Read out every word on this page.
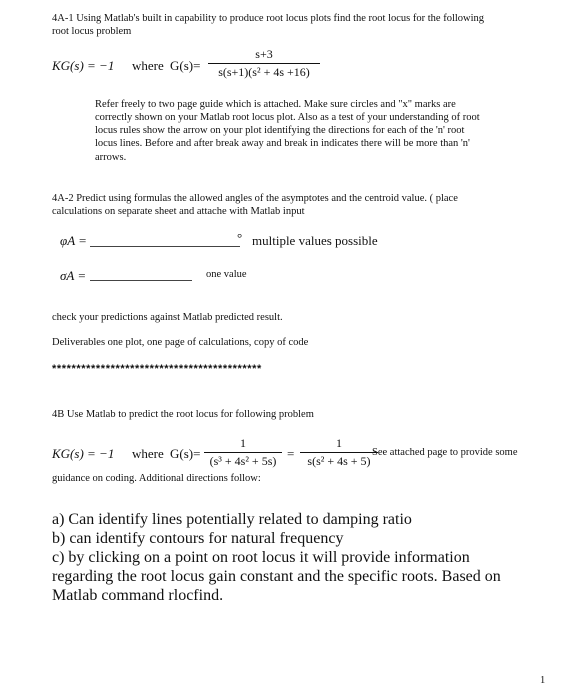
4A-1 Using Matlab's built in capability to produce root locus plots find the root locus for the following
root locus problem
KG(s) = −1 where $G(s)= \frac{s+3}{\text{s(s+1)(s² + 4s +16)}}$
Refer freely to two page guide which is attached. Make sure circles and "x" marks are
correctly shown on your Matlab root locus plot. Also as a test of your understanding of root
locus rules show the arrow on your plot identifying the directions for each of the 'n' root
locus lines. Before and after break away and break in indicates there will be more than 'n'
arrows.
4A-2 Predict using formulas the allowed angles of the asymptotes and the centroid value. ( place
calculations on separate sheet and attache with Matlab input
φA =	° multiple values possible
σA =	one value
check your predictions against Matlab predicted result.
Deliverables one plot, one page of calculations, copy of code
*******************************************
4B Use Matlab to predict the root locus for following problem
KG(s) = −1 where $G(s)= \frac{1}{\text{(s³ + 4s² + 5s)}} = \frac{1}{\text{s(s² + 4s + 5)}}$
See attached page to provide some
guidance on coding. Additional directions follow:
a) Can identify lines potentially related to damping ratio
b) can identify contours for natural frequency
c) by clicking on a point on root locus it will provide information
regarding the root locus gain constant and the specific roots. Based on
Matlab command rlocfind.
1
